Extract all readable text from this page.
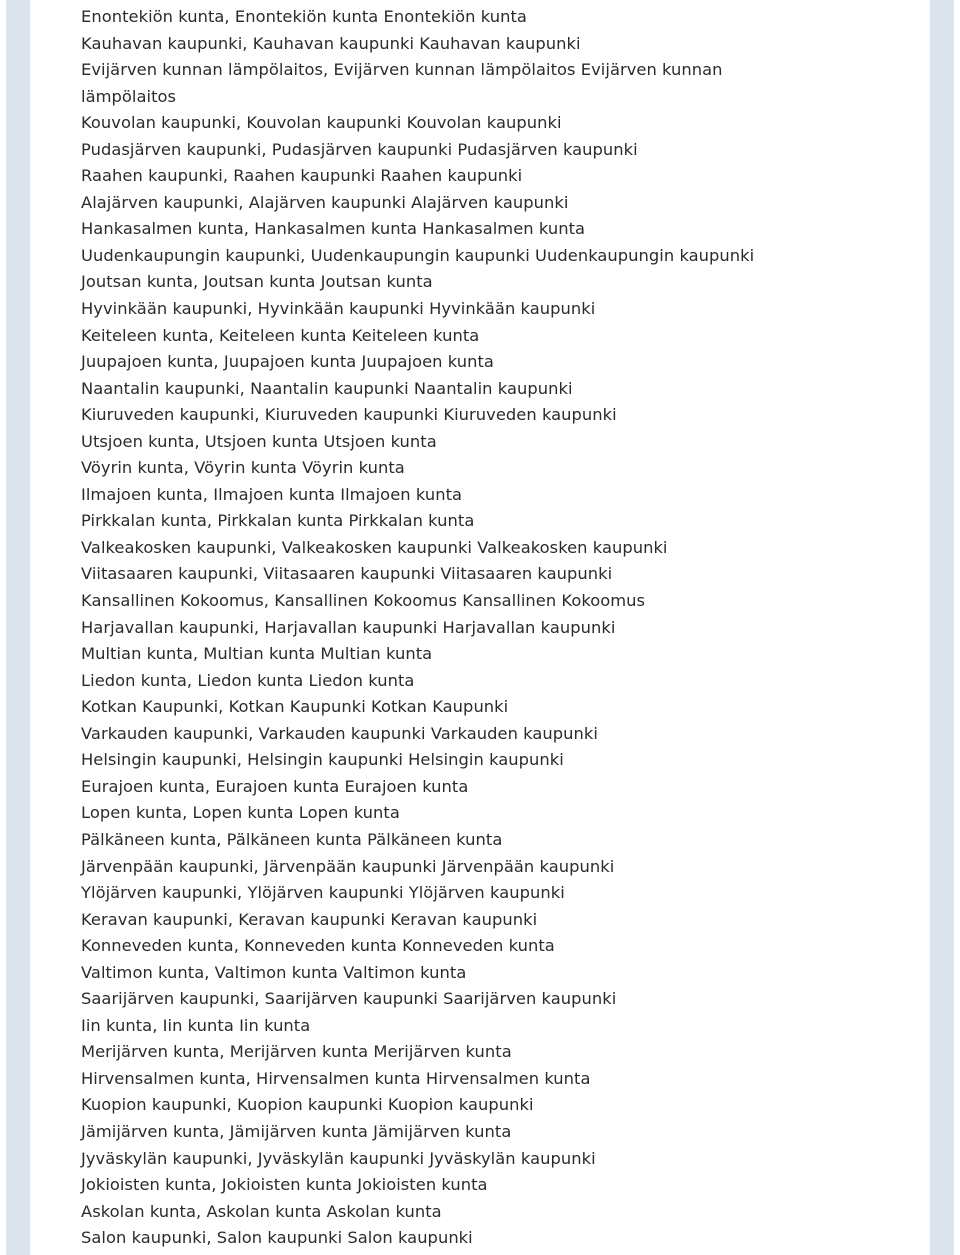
Enontekiön kunta, Enontekiön kunta Enontekiön kunta
Kauhavan kaupunki, Kauhavan kaupunki Kauhavan kaupunki
Evijärven kunnan lämpölaitos, Evijärven kunnan lämpölaitos Evijärven kunnan
lämpölaitos
Kouvolan kaupunki, Kouvolan kaupunki Kouvolan kaupunki
Pudasjärven kaupunki, Pudasjärven kaupunki Pudasjärven kaupunki
Raahen kaupunki, Raahen kaupunki Raahen kaupunki
Alajärven kaupunki, Alajärven kaupunki Alajärven kaupunki
Hankasalmen kunta, Hankasalmen kunta Hankasalmen kunta
Uudenkaupungin kaupunki, Uudenkaupungin kaupunki Uudenkaupungin kaupunki
Joutsan kunta, Joutsan kunta Joutsan kunta
Hyvinkään kaupunki, Hyvinkään kaupunki Hyvinkään kaupunki
Keiteleen kunta, Keiteleen kunta Keiteleen kunta
Juupajoen kunta, Juupajoen kunta Juupajoen kunta
Naantalin kaupunki, Naantalin kaupunki Naantalin kaupunki
Kiuruveden kaupunki, Kiuruveden kaupunki Kiuruveden kaupunki
Utsjoen kunta, Utsjoen kunta Utsjoen kunta
Vöyrin kunta, Vöyrin kunta Vöyrin kunta
Ilmajoen kunta, Ilmajoen kunta Ilmajoen kunta
Pirkkalan kunta, Pirkkalan kunta Pirkkalan kunta
Valkeakosken kaupunki, Valkeakosken kaupunki Valkeakosken kaupunki
Viitasaaren kaupunki, Viitasaaren kaupunki Viitasaaren kaupunki
Kansallinen Kokoomus, Kansallinen Kokoomus Kansallinen Kokoomus
Harjavallan kaupunki, Harjavallan kaupunki Harjavallan kaupunki
Multian kunta, Multian kunta Multian kunta
Liedon kunta, Liedon kunta Liedon kunta
Kotkan Kaupunki, Kotkan Kaupunki Kotkan Kaupunki
Varkauden kaupunki, Varkauden kaupunki Varkauden kaupunki
Helsingin kaupunki, Helsingin kaupunki Helsingin kaupunki
Eurajoen kunta, Eurajoen kunta Eurajoen kunta
Lopen kunta, Lopen kunta Lopen kunta
Pälkäneen kunta, Pälkäneen kunta Pälkäneen kunta
Järvenpään kaupunki, Järvenpään kaupunki Järvenpään kaupunki
Ylöjärven kaupunki, Ylöjärven kaupunki Ylöjärven kaupunki
Keravan kaupunki, Keravan kaupunki Keravan kaupunki
Konneveden kunta, Konneveden kunta Konneveden kunta
Valtimon kunta, Valtimon kunta Valtimon kunta
Saarijärven kaupunki, Saarijärven kaupunki Saarijärven kaupunki
Iin kunta, Iin kunta Iin kunta
Merijärven kunta, Merijärven kunta Merijärven kunta
Hirvensalmen kunta, Hirvensalmen kunta Hirvensalmen kunta
Kuopion kaupunki, Kuopion kaupunki Kuopion kaupunki
Jämijärven kunta, Jämijärven kunta Jämijärven kunta
Jyväskylän kaupunki, Jyväskylän kaupunki Jyväskylän kaupunki
Jokioisten kunta, Jokioisten kunta Jokioisten kunta
Askolan kunta, Askolan kunta Askolan kunta
Salon kaupunki, Salon kaupunki Salon kaupunki
